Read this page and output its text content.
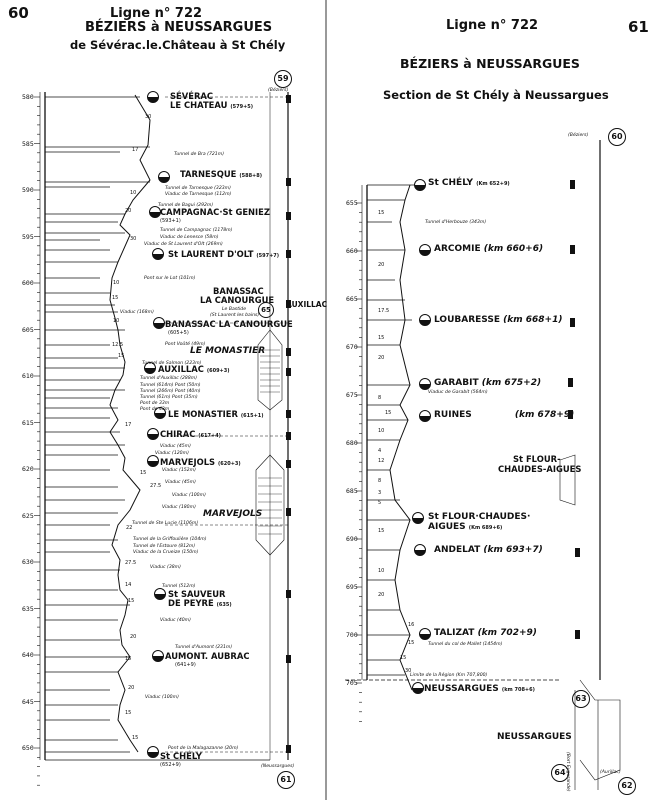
60	Ligne n° 722
BÉZIERS à NEUSSARGUES
de Sévérac.le.Château à St Chély
580
585
590
595
600
605
610
615
620
625
630
635
640
645
650
59
(Béziers)
(Neussargues)
61
65
SÉVÉRAC
LE CHATEAU (579+5)
TARNESQUE (588+8)
CAMPAGNAC·St GENIEZ
(593+1)
St LAURENT D'OLT (597+7)
BANASSAC LA CANOURGUE
(605+5)
AUXILLAC (609+3)
LE MONASTIER (615+1)
CHIRAC (617+4)
MARVEJOLS (620+3)
St SAUVEUR
DE PEYRE (635)
AUMONT. AUBRAC
(641+9)
St CHÉLY
(652+9)
BANASSAC
LA CANOURGUE AUXILLAC
LE MONASTIER
MARVEJOLS
Tunnel de Bra (721m)
Tunnel de Tarnesque (323m)
Viaduc de Tarnesque (112m)
Tunnel de Bagui (292m)
Tunnel de Campagnac (1178m)
Viaduc de Lenesce (58m)
Viaduc de St Laurent d'Olt (269m)
Pont sur le Lot (101m)
Viaduc (168m)
Le Bastide
(St Laurent les bains)
Pont Voûté (49m)
Tunnel de Salmon (223m)
Tunnel d'Auxillac (288m)
Tunnel (614m) Pont (50m)
Tunnel (266m) Pont (40m)
Tunnel (61m) Pont (35m)
Pont de 33m
Pont de 43m
Viaduc (45m)
Viaduc (120m)
Viaduc (152m)
Viaduc (45m)
Viaduc (100m)
Viaduc (180m)
Tunnel de Ste Lucie (1106m)
Tunnel de la Griffoulière (104m)
Tunnel de l'Estoure (812m)
Viaduc de la Crueize (150m)
Viaduc (38m)
Tunnel (512m)
Viaduc (40m)
Tunnel d'Aumont (231m)
Viaduc (100m)
Pont de la Malagazanne (20m)
30
17
10
20
30
10
15
10
12.5
15
17
15
27.5
22
27.5
14
15
20
15
20
15
15
61
Ligne n° 722
BÉZIERS à NEUSSARGUES
Section de St Chély à Neussargues
60
(Béziers)
655
660
665
670
675
680
685
690
695
700
705
St CHÉLY (Km 652+9)
ARCOMIE (km 660+6)
LOUBARESSE (km 668+1)
GARABIT (km 675+2)
RUINES	(km 678+9)
St FLOUR·CHAUDES·
AIGUES (Km 689+6)
ANDELAT (km 693+7)
TALIZAT (km 702+9)
NEUSSARGUES (km 708+6)
St FLOUR-
CHAUDES-AIGUES
NEUSSARGUES
Limite de la Région (Km 707,800)
Tunnel d'Herbouze (343m)
Viaduc de Garabit (564m)
Tunnel du col de Mallet (1454m)
63
64
62
(Aurillac)
(Bort Eygurande)
15
20
17.5
15
20
8
15
10
4
12
8
3
5
15
10
20
16
15
15
30
